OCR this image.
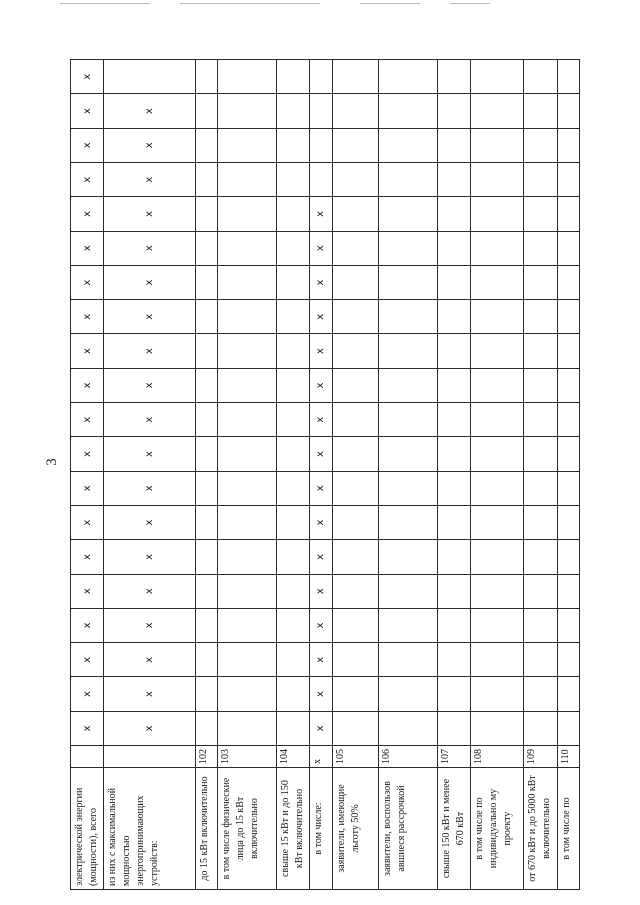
3
электрической энергии (мощности), всего		x	x	x	x	x	x	x	x	x	x	x	x	x	x	x	x	x	x	x	x
из них с максимальной мощностью энергопринимающих устройств:		x	x	x	x	x	x	x	x	x	x	x	x	x	x	x	x	x	x	x	
до 15 кВт включительно	102																				
в том числе физические лица до 15 кВт включительно	103																				
свыше 15 кВт и до 150 кВт включительно	104																				
в том числе:	x	x	x	x	x	x	x	x	x	x	x	x	x	x	x	x	x				
заявители, имеющие льготу 50%	105																				
заявители, воспользов авшиеся рассрочкой	106																				
свыше 150 кВт и менее 670 кВт	107																				
в том числе по индивидуально му проекту	108																				
от 670 кВт и до 5000 кВт включительно	109																				
в том числе по	110																				
